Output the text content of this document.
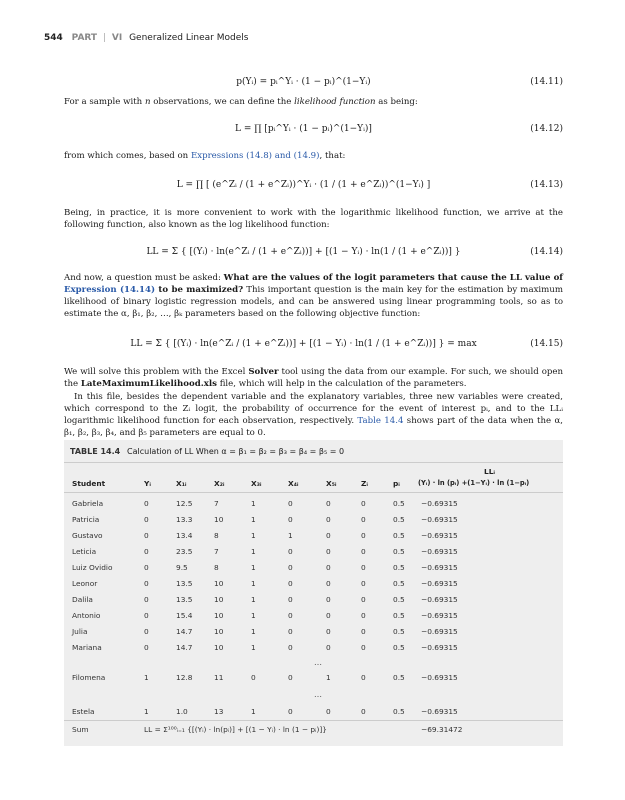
544 PART | VI Generalized Linear Models
p(Yᵢ) = pᵢ^Yᵢ · (1 − pᵢ)^(1−Yᵢ)	(14.11)
For a sample with n observations, we can define the likelihood function as being:
L = ∏ [pᵢ^Yᵢ · (1 − pᵢ)^(1−Yᵢ)]	(14.12)
from which comes, based on Expressions (14.8) and (14.9), that:
L = ∏ [ (e^Zᵢ / (1 + e^Zᵢ))^Yᵢ · (1 / (1 + e^Zᵢ))^(1−Yᵢ) ]	(14.13)
Being, in practice, it is more convenient to work with the logarithmic likelihood function, we arrive at the following function, also known as the log likelihood function:
LL = Σ { [(Yᵢ) · ln(e^Zᵢ / (1 + e^Zᵢ))] + [(1 − Yᵢ) · ln(1 / (1 + e^Zᵢ))] }	(14.14)
And now, a question must be asked: What are the values of the logit parameters that cause the LL value of Expression (14.14) to be maximized? This important question is the main key for the estimation by maximum likelihood of binary logistic regression models, and can be answered using linear programming tools, so as to estimate the α, β₁, β₂, …, βₖ parameters based on the following objective function:
LL = Σ { [(Yᵢ) · ln(e^Zᵢ / (1 + e^Zᵢ))] + [(1 − Yᵢ) · ln(1 / (1 + e^Zᵢ))] } = max	(14.15)
We will solve this problem with the Excel Solver tool using the data from our example. For such, we should open the LateMaximumLikelihood.xls file, which will help in the calculation of the parameters.
In this file, besides the dependent variable and the explanatory variables, three new variables were created, which correspond to the Zᵢ logit, the probability of occurrence for the event of interest pᵢ, and to the LLᵢ logarithmic likelihood function for each observation, respectively. Table 14.4 shows part of the data when the α, β₁, β₂, β₃, β₄, and β₅ parameters are equal to 0.
TABLE 14.4 Calculation of LL When α = β₁ = β₂ = β₃ = β₄ = β₅ = 0
Student	Yᵢ	X₁ᵢ	X₂ᵢ	X₃ᵢ	X₄ᵢ	X₅ᵢ	Zᵢ	pᵢ
LLᵢ
(Yᵢ) · ln (pᵢ) +(1−Yᵢ) · ln (1−pᵢ)
Gabriela	0	12.5	7	1	0	0	0	0.5 −0.69315
Patricia	0	13.3	10	1	0	0	0	0.5 −0.69315
Gustavo	0	13.4	8	1	1	0	0	0.5 −0.69315
Leticia	0	23.5	7	1	0	0	0	0.5 −0.69315
Luiz Ovidio	0	9.5	8	1	0	0	0	0.5 −0.69315
Leonor	0	13.5	10	1	0	0	0	0.5 −0.69315
Dalila	0	13.5	10	1	0	0	0	0.5 −0.69315
Antonio	0	15.4	10	1	0	0	0	0.5 −0.69315
Julia	0	14.7	10	1	0	0	0	0.5 −0.69315
Mariana	0	14.7	10	1	0	0	0	0.5 −0.69315
…
Filomena	1	12.8	11	0	0	1	0	0.5 −0.69315
…
Estela	1	1.0	13	1	0	0	0	0.5 −0.69315
Sum	LL = Σ¹⁰⁰ᵢ₌₁ {[(Yᵢ) · ln(pᵢ)] + [(1 − Yᵢ) · ln (1 − pᵢ)]}	−69.31472
